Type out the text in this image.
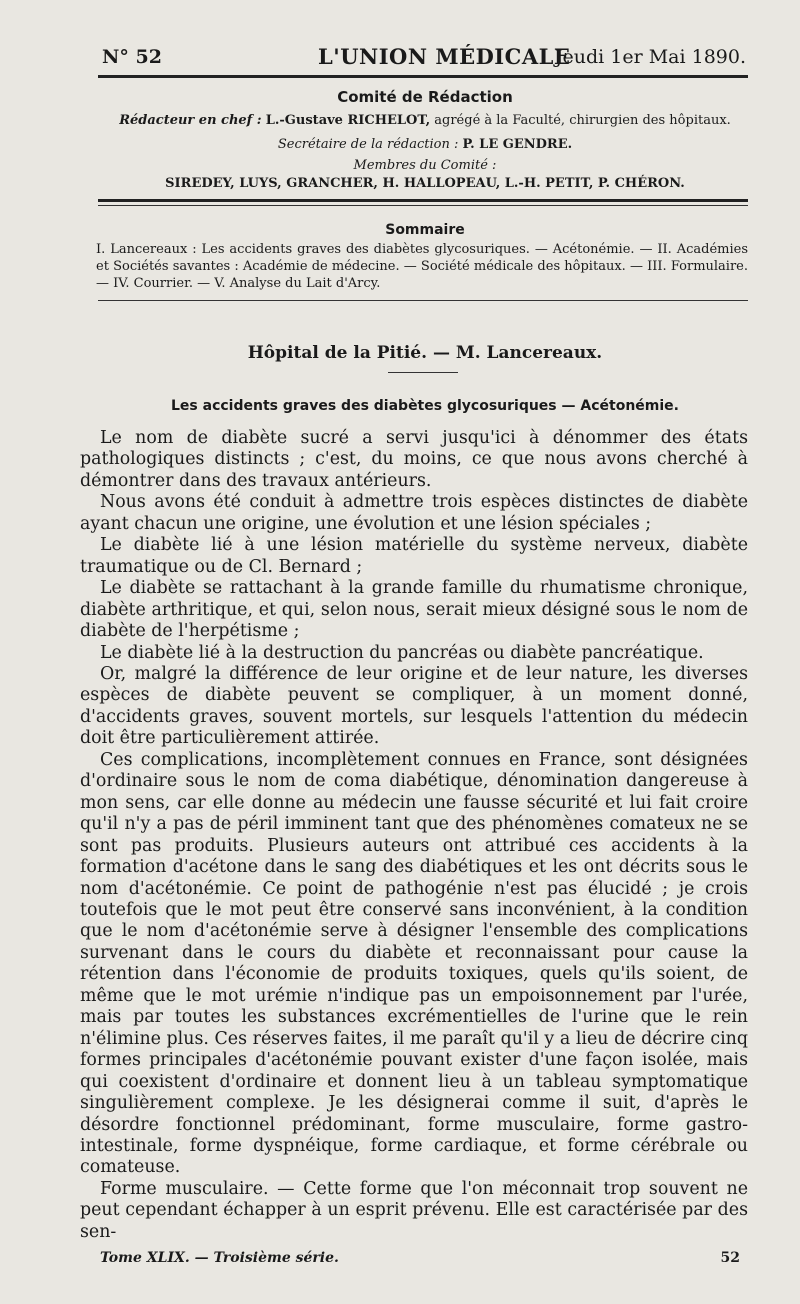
N° 52	L'UNION MÉDICALE
Jeudi 1er Mai 1890.
Comité de Rédaction
Rédacteur en chef : L.-Gustave RICHELOT, agrégé à la Faculté, chirurgien des hôpitaux.
Secrétaire de la rédaction : P. LE GENDRE.
Membres du Comité :
SIREDEY, LUYS, GRANCHER, H. HALLOPEAU, L.-H. PETIT, P. CHÉRON.
Sommaire

I. Lancereaux : Les accidents graves des diabètes glycosuriques. — Acétonémie. — II. Académies et Sociétés savantes : Académie de médecine. — Société médicale des hôpitaux. — III. Formulaire. — IV. Courrier. — V. Analyse du Lait d'Arcy.

Hôpital de la Pitié. — M. Lancereaux.
Les accidents graves des diabètes glycosuriques — Acétonémie.

Le nom de diabète sucré a servi jusqu'ici à dénommer des états pathologiques distincts ; c'est, du moins, ce que nous avons cherché à démontrer dans des travaux antérieurs.

Nous avons été conduit à admettre trois espèces distinctes de diabète ayant chacun une origine, une évolution et une lésion spéciales ;

Le diabète lié à une lésion matérielle du système nerveux, diabète traumatique ou de Cl. Bernard ;

Le diabète se rattachant à la grande famille du rhumatisme chronique, diabète arthritique, et qui, selon nous, serait mieux désigné sous le nom de diabète de l'herpétisme ;

Le diabète lié à la destruction du pancréas ou diabète pancréatique.

Or, malgré la différence de leur origine et de leur nature, les diverses espèces de diabète peuvent se compliquer, à un moment donné, d'accidents graves, souvent mortels, sur lesquels l'attention du médecin doit être particulièrement attirée.

Ces complications, incomplètement connues en France, sont désignées d'ordinaire sous le nom de coma diabétique, dénomination dangereuse à mon sens, car elle donne au médecin une fausse sécurité et lui fait croire qu'il n'y a pas de péril imminent tant que des phénomènes comateux ne se sont pas produits. Plusieurs auteurs ont attribué ces accidents à la formation d'acétone dans le sang des diabétiques et les ont décrits sous le nom d'acétonémie. Ce point de pathogénie n'est pas élucidé ; je crois toutefois que le mot peut être conservé sans inconvénient, à la condition que le nom d'acétonémie serve à désigner l'ensemble des complications survenant dans le cours du diabète et reconnaissant pour cause la rétention dans l'économie de produits toxiques, quels qu'ils soient, de même que le mot urémie n'indique pas un empoisonnement par l'urée, mais par toutes les substances excrémentielles de l'urine que le rein n'élimine plus. Ces réserves faites, il me paraît qu'il y a lieu de décrire cinq formes principales d'acétonémie pouvant exister d'une façon isolée, mais qui coexistent d'ordinaire et donnent lieu à un tableau symptomatique singulièrement complexe. Je les désignerai comme il suit, d'après le désordre fonctionnel prédominant, forme musculaire, forme gastro-intestinale, forme dyspnéique, forme cardiaque, et forme cérébrale ou comateuse.

Forme musculaire. — Cette forme que l'on méconnait trop souvent ne peut cependant échapper à un esprit prévenu. Elle est caractérisée par des sen-

Tome XLIX. — Troisième série.	52
